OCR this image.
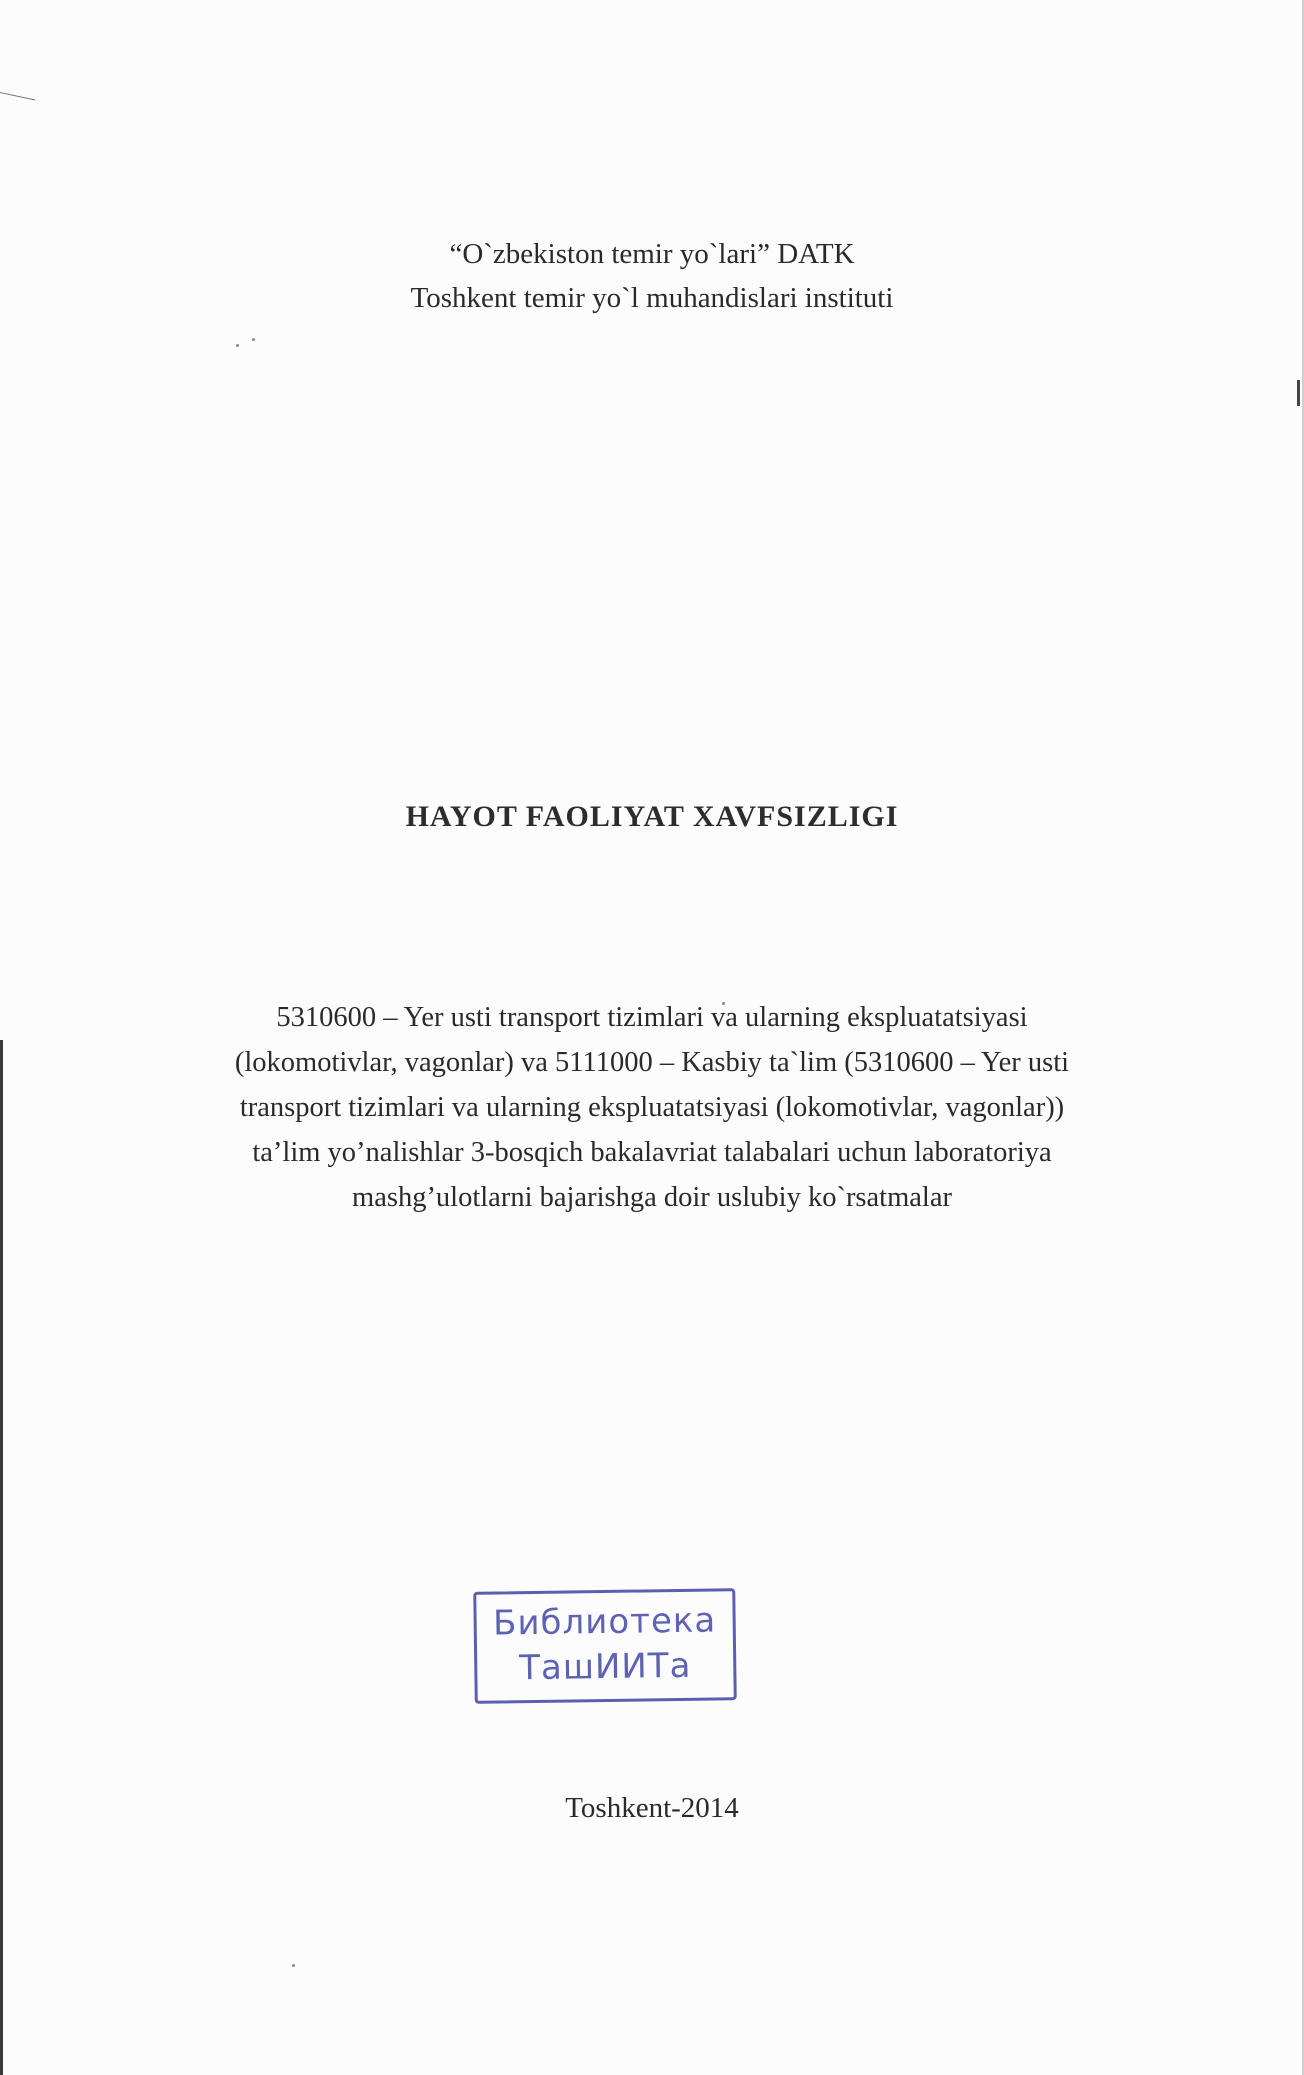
“O`zbekiston temir yo`lari” DATK
Toshkent temir yo`l muhandislari instituti
HAYOT FAOLIYAT XAVFSIZLIGI
5310600 – Yer usti transport tizimlari va ularning ekspluatatsiyasi
(lokomotivlar, vagonlar) va 5111000 – Kasbiy ta`lim (5310600 – Yer usti
transport tizimlari va ularning ekspluatatsiyasi (lokomotivlar, vagonlar))
ta’lim yo’nalishlar 3-bosqich bakalavriat talabalari uchun laboratoriya
mashg’ulotlarni bajarishga doir uslubiy ko`rsatmalar
Библиотека
ТашИИТа
Toshkent-2014
